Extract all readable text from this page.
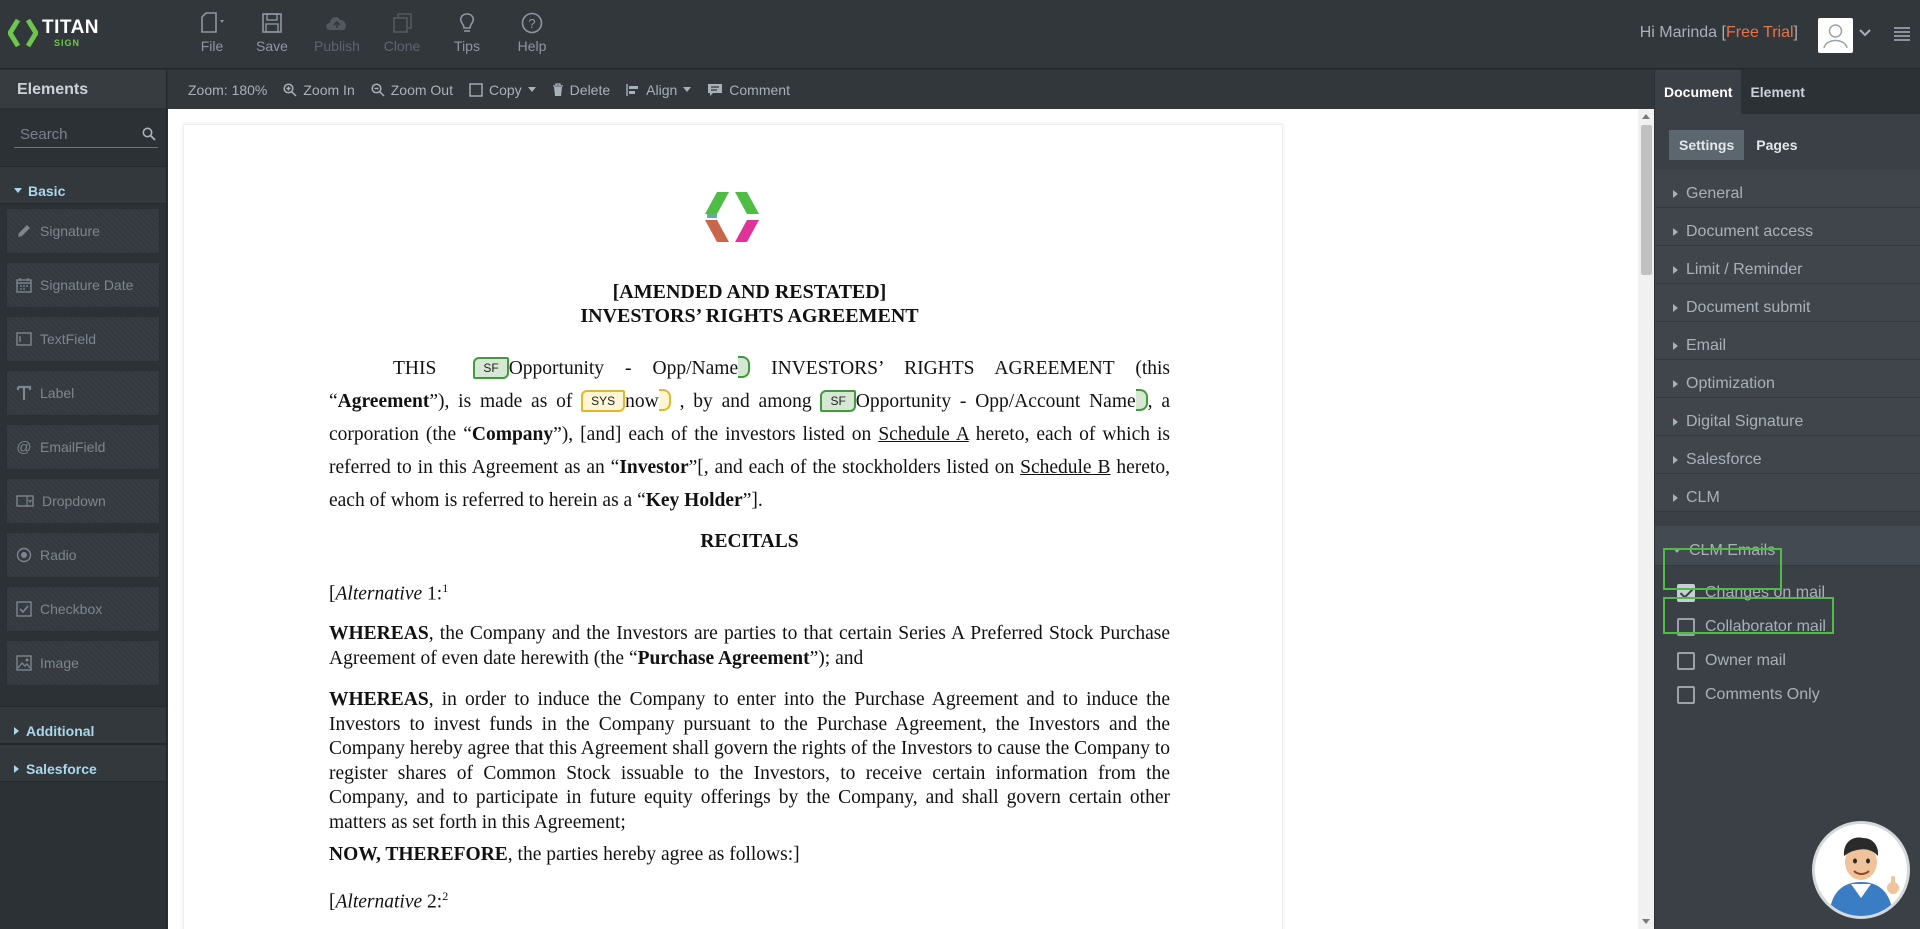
TITAN
SIGN	File	Save	Publish	Clone	Tips
?
Help
Hi Marinda [Free Trial]
Elements
Search
Basic
Signature
Signature Date
TextField
Label
@ EmailField
Dropdown
Radio
Checkbox
Image
Additional
Salesforce
Zoom: 180%	Zoom In	Zoom Out	Copy	Delete	Align	Comment
[AMENDED AND RESTATED]
INVESTORS’ RIGHTS AGREEMENT
THIS	SF Opportunity - Opp/Name INVESTORS’ RIGHTS AGREEMENT (this “Agreement”), is made as of SYS now , by and among SF Opportunity - Opp/Account Name , a corporation (the “Company”), [and] each of the investors listed on Schedule A hereto, each of which is referred to in this Agreement as an “Investor”[, and each of the stockholders listed on Schedule B hereto, each of whom is referred to herein as a “Key Holder”].
RECITALS
[Alternative 1:$^1$
WHEREAS, the Company and the Investors are parties to that certain Series A Preferred Stock Purchase Agreement of even date herewith (the “Purchase Agreement”); and
WHEREAS, in order to induce the Company to enter into the Purchase Agreement and to induce the Investors to invest funds in the Company pursuant to the Purchase Agreement, the Investors and the Company hereby agree that this Agreement shall govern the rights of the Investors to cause the Company to register shares of Common Stock issuable to the Investors, to receive certain information from the Company, and to participate in future equity offerings by the Company, and shall govern certain other matters as set forth in this Agreement;
NOW, THEREFORE, the parties hereby agree as follows:]
[Alternative 2:$^2$
Document	Element
Settings	Pages
General
Document access
Limit / Reminder
Document submit
Email
Optimization
Digital Signature
Salesforce
CLM
CLM Emails
Changes on mail
Collaborator mail
Owner mail
Comments Only
